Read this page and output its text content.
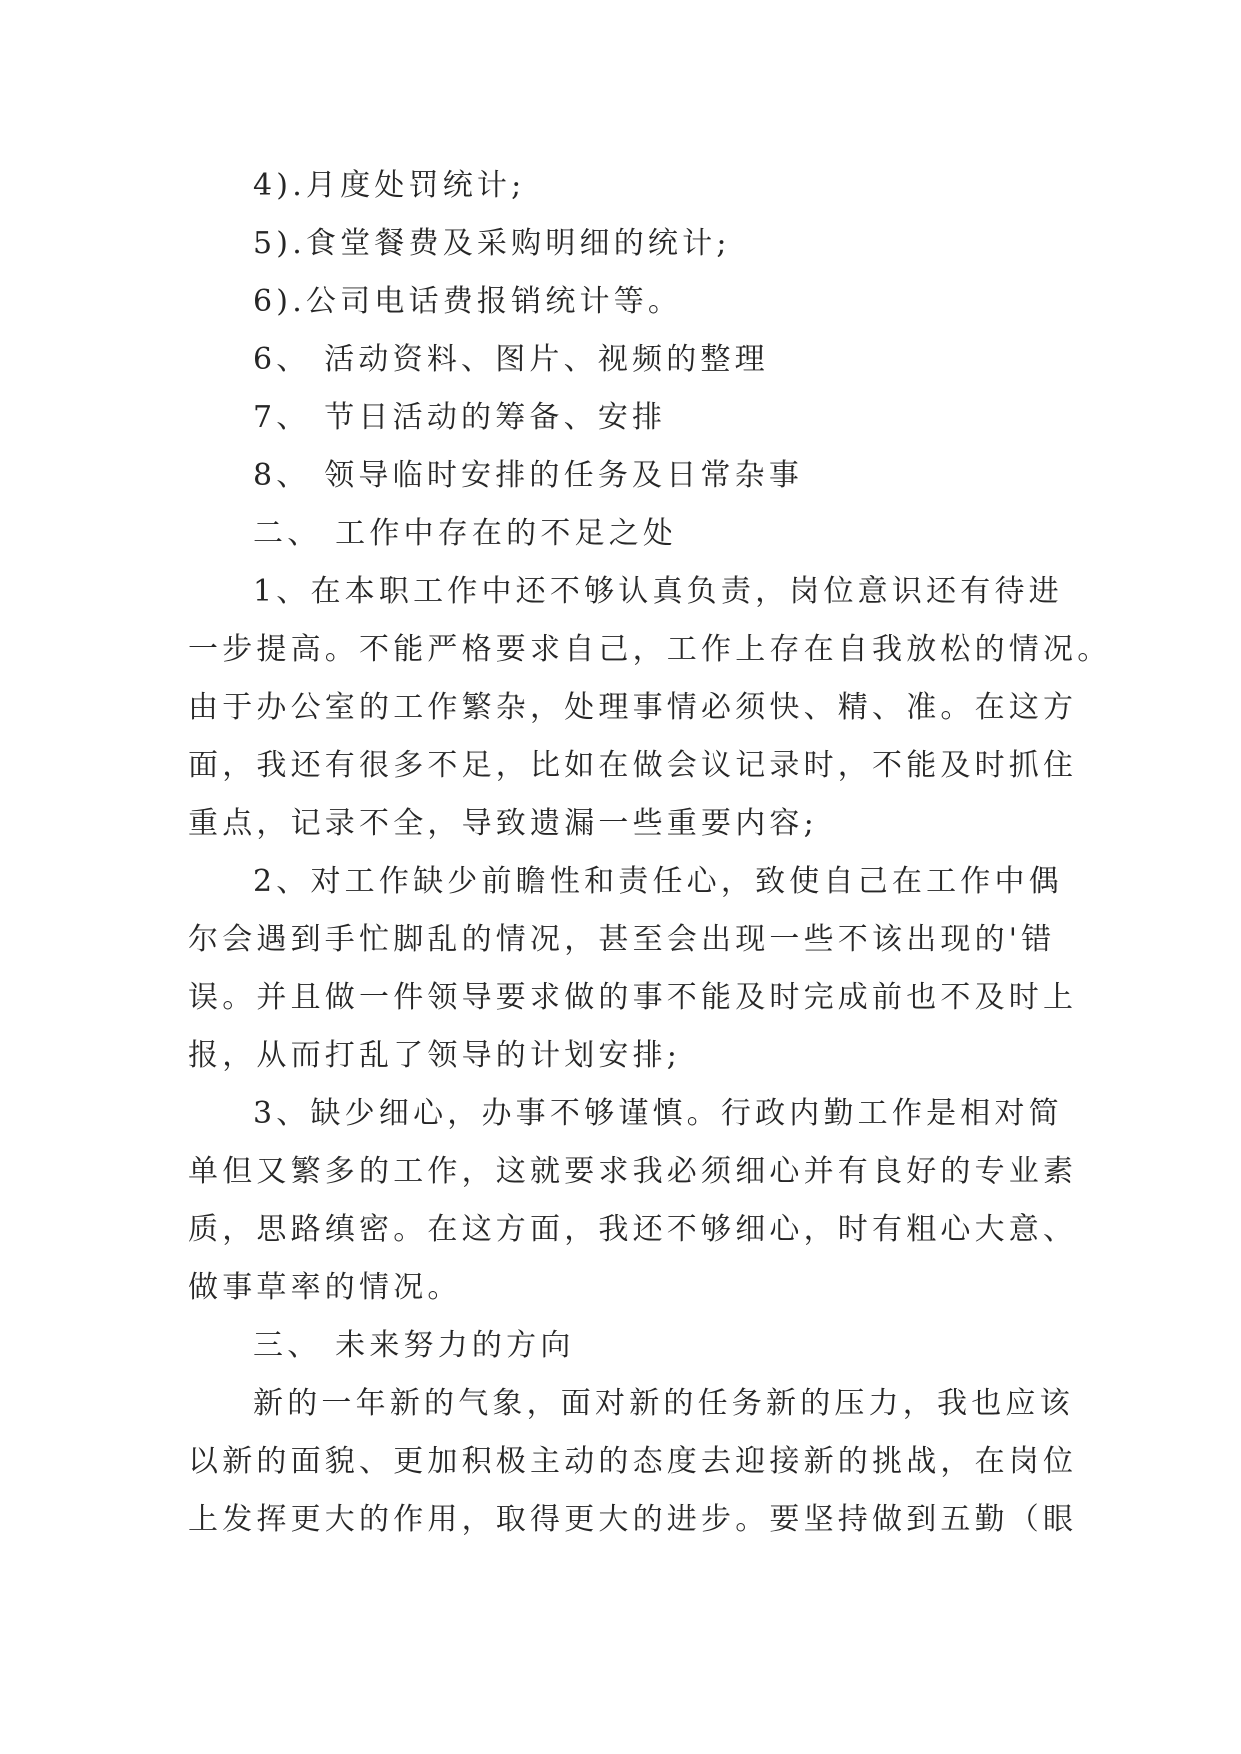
4).月度处罚统计;
5).食堂餐费及采购明细的统计;
6).公司电话费报销统计等。
6、 活动资料、图片、视频的整理
7、 节日活动的筹备、安排
8、 领导临时安排的任务及日常杂事
二、 工作中存在的不足之处
1、在本职工作中还不够认真负责，岗位意识还有待进
一步提高。不能严格要求自己，工作上存在自我放松的情况。
由于办公室的工作繁杂，处理事情必须快、精、准。在这方
面，我还有很多不足，比如在做会议记录时，不能及时抓住
重点，记录不全，导致遗漏一些重要内容;
2、对工作缺少前瞻性和责任心，致使自己在工作中偶
尔会遇到手忙脚乱的情况，甚至会出现一些不该出现的'错
误。并且做一件领导要求做的事不能及时完成前也不及时上
报，从而打乱了领导的计划安排;
3、缺少细心，办事不够谨慎。行政内勤工作是相对简
单但又繁多的工作，这就要求我必须细心并有良好的专业素
质，思路缜密。在这方面，我还不够细心，时有粗心大意、
做事草率的情况。
三、 未来努力的方向
新的一年新的气象，面对新的任务新的压力，我也应该
以新的面貌、更加积极主动的态度去迎接新的挑战，在岗位
上发挥更大的作用，取得更大的进步。要坚持做到五勤（眼
